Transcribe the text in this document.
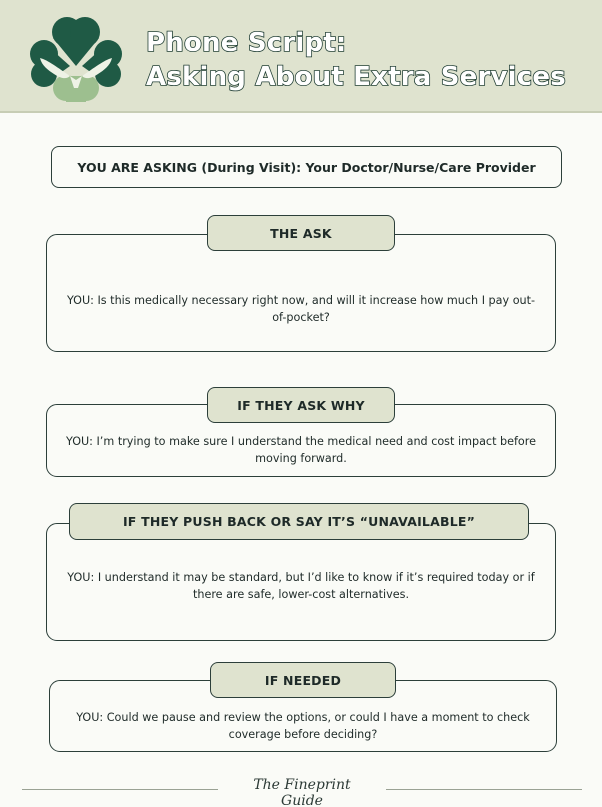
Phone Script:
Asking About Extra Services
YOU ARE ASKING (During Visit): Your Doctor/Nurse/Care Provider
YOU: Is this medically necessary right now, and will it increase how much I pay out-of-pocket?
THE ASK
YOU: I’m trying to make sure I understand the medical need and cost impact before moving forward.
IF THEY ASK WHY
YOU: I understand it may be standard, but I’d like to know if it’s required today or if there are safe, lower-cost alternatives.
IF THEY PUSH BACK OR SAY IT’S “UNAVAILABLE”
YOU: Could we pause and review the options, or could I have a moment to check coverage before deciding?
IF NEEDED
The Fineprint Guide
